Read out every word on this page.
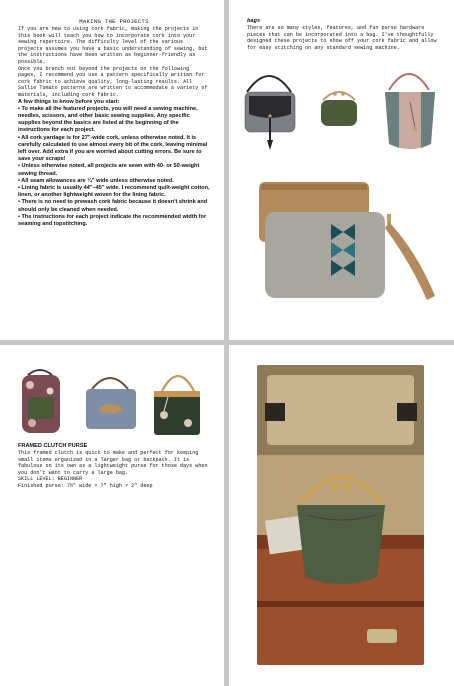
MAKING THE PROJECTS
If you are new to using cork fabric, making the projects in this book will teach you how to incorporate cork into your sewing repertoire. The difficulty level of the various projects assumes you have a basic understanding of sewing, but the instructions have been written as beginner-friendly as possible.
Once you branch out beyond the projects on the following pages, I recommend you use a pattern specifically written for cork fabric to achieve quality, long-lasting results. All Sallie Tomato patterns are written to accommodate a variety of materials, including cork fabric.
A few things to know before you start:
• To make all the featured projects, you will need a sewing machine, needles, scissors, and other basic sewing supplies. Any specific supplies beyond the basics are listed at the beginning of the instructions for each project.
• All cork yardage is for 27"-wide cork, unless otherwise noted. It is carefully calculated to use almost every bit of the cork, leaving minimal left over. Add extra if you are worried about cutting errors. Be sure to save your scraps!
• Unless otherwise noted, all projects are sewn with 40- or 50-weight sewing thread.
• All seam allowances are ¼" wide unless otherwise noted.
• Lining fabric is usually 44"–45" wide. I recommend quilt-weight cotton, linen, or another lightweight woven for the lining fabric.
• There is no need to prewash cork fabric because it doesn't shrink and should only be cleaned when needed.
• The instructions for each project indicate the recommended width for seaming and topstitching.
bags
There are so many styles, features, and fun purse hardware pieces that can be incorporated into a bag. I've thoughtfully designed these projects to show off your cork fabric and allow for easy stitching on any standard sewing machine.
FRAMED CLUTCH PURSE
This framed clutch is quick to make and perfect for keeping small items organized in a larger bag or backpack. It is fabulous on its own as a lightweight purse for those days when you don't want to carry a large bag.
SKILL LEVEL: BEGINNER
Finished purse: 7½" wide × 7" high × 2" deep
